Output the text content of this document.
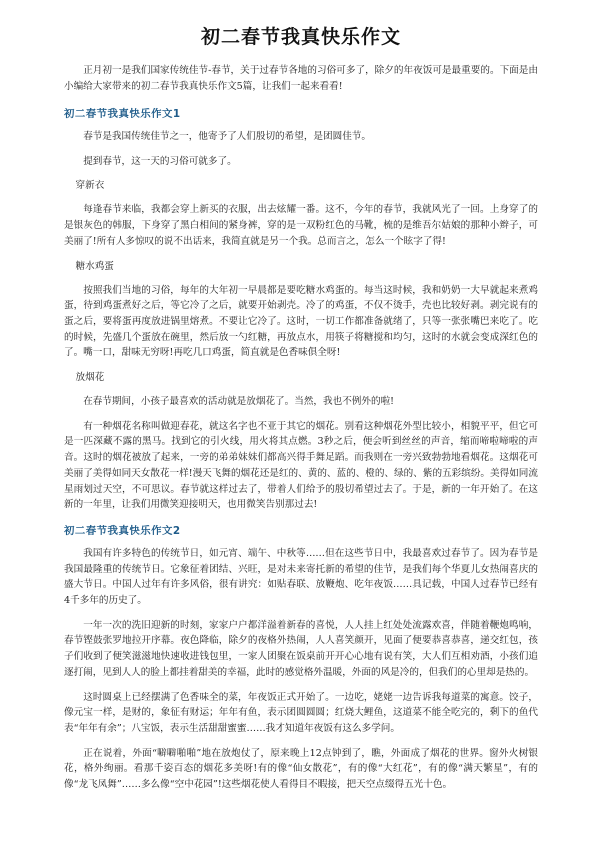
初二春节我真快乐作文

正月初一是我们国家传统佳节-春节，关于过春节各地的习俗可多了，除夕的年夜饭可是最重要的。下面是由小编给大家带来的初二春节我真快乐作文5篇，让我们一起来看看!

初二春节我真快乐作文1

春节是我国传统佳节之一，他寄予了人们殷切的希望，是团圆佳节。

提到春节，这一天的习俗可就多了。

穿新衣

每逢春节来临，我都会穿上新买的衣服，出去炫耀一番。这不，今年的春节，我就风光了一回。上身穿了的是银灰色的韩服，下身穿了黑白相间的紧身裤，穿的是一双粉红色的马靴，梳的是维吾尔姑娘的那种小辫子，可美丽了!所有人多惊叹的说不出话来，我简直就是另一个我。总而言之，怎么一个眩字了得!

糖水鸡蛋

按照我们当地的习俗，每年的大年初一早晨都是要吃糖水鸡蛋的。每当这时候，我和奶奶一大早就起来煮鸡蛋，待到鸡蛋煮好之后，等它冷了之后，就要开始剥壳。冷了的鸡蛋，不仅不烫手，壳也比较好剥。剥完说有的蛋之后，要将蛋再度放进锅里熔煮。不要让它冷了。这时，一切工作都准备就绪了，只等一张张嘴巴来吃了。吃的时候，先盛几个蛋放在碗里，然后放一勺红糖，再放点水，用筷子将糖搅和均匀，这时的水就会变成深红色的了。嘴一口，甜味无穷呀!再吃几口鸡蛋，简直就是色香味俱全呀!

放烟花

在春节期间，小孩子最喜欢的活动就是放烟花了。当然，我也不例外的啦!

有一种烟花名称叫做迎春花，就这名字也不亚于其它的烟花。别看这种烟花外型比较小，相貌平平，但它可是一匹深藏不露的黑马。找到它的引火线，用火将其点燃。3秒之后，便会听到丝丝的声音，缩而啼啦啼啦的声音。这时的烟花被放了起来，一旁的弟弟妹妹们都高兴得手舞足蹈。而我则在一旁兴致勃勃地看烟花。这烟花可美丽了美得如同天女散花一样!漫天飞舞的烟花还是红的、黄的、蓝的、橙的、绿的、紫的五彩缤纷。美得如同流星雨划过天空，不可思议。春节就这样过去了，带着人们给予的殷切希望过去了。于是，新的一年开始了。在这新的一年里，让我们用微笑迎接明天，也用微笑告别那过去!

初二春节我真快乐作文2

我国有许多特色的传统节日，如元宵、端午、中秋等……但在这些节日中，我最喜欢过春节了。因为春节是我国最隆重的传统节日。它象征着团结、兴旺，是对未来寄托新的希望的佳节，是我们每个华夏儿女热闹喜庆的盛大节日。中国人过年有许多风俗，很有讲究：如贴春联、放鞭炮、吃年夜饭……具记载，中国人过春节已经有4千多年的历史了。

一年一次的洗旧迎新的时刻，家家户户都洋溢着新春的喜悦，人人挂上红处处流露欢喜，伴随着鞭炮鸣响，春节铿鼓张罗地拉开序幕。夜色降临，除夕的夜格外热闹，人人喜笑颜开，见面了便要恭喜恭喜，递交红包，孩子们收到了便笑滋滋地快速收进钱包里，一家人团聚在饭桌前开开心心地有说有笑，大人们互相劝酒，小孩们追逐打闹，见到人人的脸上都挂着甜美的幸福，此时的感觉格外温暖，外面的风是冷的，但我们的心里却是热的。

这时圆桌上已经摆满了色香味全的菜，年夜饭正式开始了。一边吃，姥姥一边告诉我每道菜的寓意。饺子，像元宝一样，是财的，象征有财运；年年有鱼，表示团圆圆圆；红烧大鲤鱼，这道菜不能全吃完的，剩下的鱼代表“年年有余”；八宝饭，表示生活甜甜蜜蜜……我才知道年夜饭有这么多学问。

正在说着，外面“噼噼啪啪”地在放炮仗了，原来晚上12点钟到了，瞧，外面成了烟花的世界。窗外火树银花，格外绚丽。看那千姿百态的烟花多美呀!有的像“仙女散花”，有的像“大红花”，有的像“满天繁星”，有的像“龙飞凤舞”……多么像“空中花园”!这些烟花使人看得目不暇接，把天空点缀得五光十色。
